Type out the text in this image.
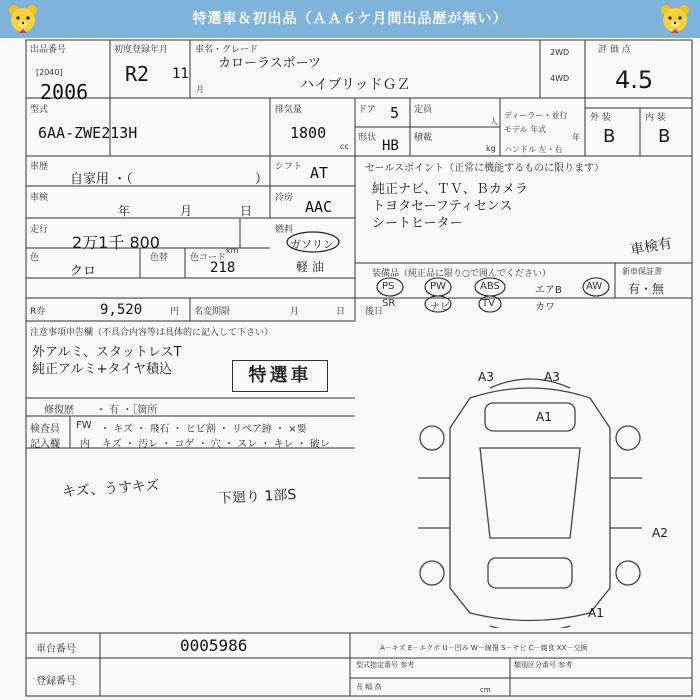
特選車＆初出品（ＡＡ６ケ月間出品歴が無い）
出品番号
[2040]
2006
初度登録年月
R2 11
月
車名・グレード
カローラスポーツ
ハイブリッドＧＺ
2WD
4WD
評 価 点
4.5
型式
6AA-ZWE213H
排気量
1800
cc
ドア 5
形状 HB
定員
人
積載
kg
ディーラー・並行
モデル 年式
年
ハンドル 左・右
外 装	内 装
B B
車歴
自家用 ・（	）
シフト AT	セールスポイント（正常に機能するものに限ります）
純正ナビ、ＴＶ、Ｂカメラ
トヨタセーフティセンス
シートヒーター
車検
年	月	日
冷房 AAC
走行
2万1千 800	km
燃料
ガソリン
軽 油
色
クロ
色替 色コード
218	装備品（純正品に限り○で囲んでください）
車検有
新車保証書
有・無
PS	PW	ABS	エアB AW
SR	ナビ	TV	カワ
R券	9,520	円 名変期限	月	日 後日
注意事項申告欄（不具合内容等は具体的に記入して下さい）
外アルミ、スタットレスT
純正アルミ+タイヤ積込	特選車
修復歴 ・ 有 ・［箇所
検査員 FW ・ キズ ・ 飛石 ・ ヒビ割 ・ リペア跡 ・ ×要
記入欄 内 キズ ・ 汚レ ・ コゲ ・ 穴 ・ スレ ・ キレ ・ 破レ
キズ、うすキズ	下廻り 1部S
A3	A3
A1
A2
A1
車台番号	0005986
登録番号
A－キズ E－エクボ U－凹み W－線傷 S－サビ C－腐食 XX－交換
型式指定番号 参考	類別区分番号 参考
長 幅 高	cm
